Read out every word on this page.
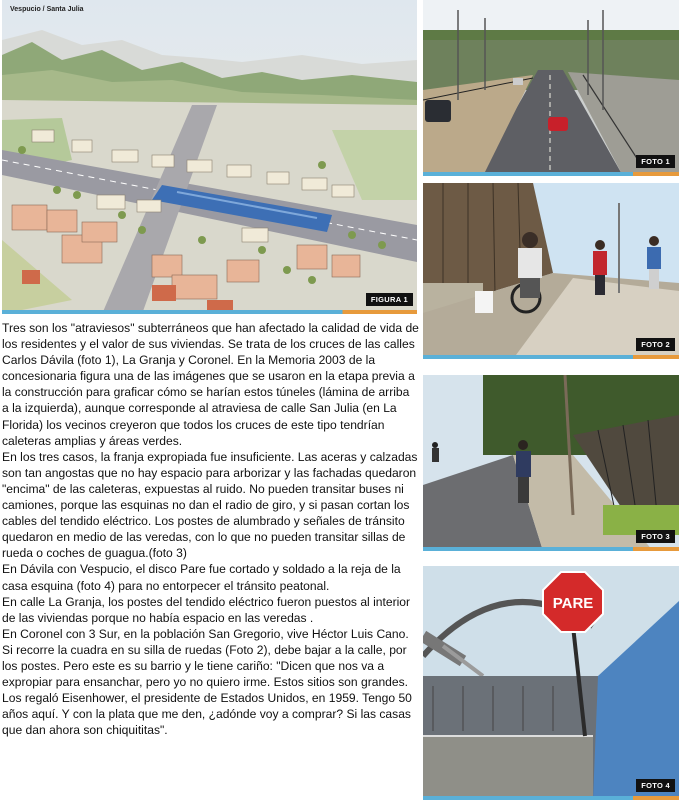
Vespucio / Santa Julia
FIGURA 1
FOTO 1
FOTO 2
FOTO 3
PARE
FOTO 4

Tres son los "atraviesos" subterráneos que han afectado la calidad de vida de los residentes y el valor de sus viviendas. Se trata de los cruces de las calles Carlos Dávila (foto 1), La Granja y Coronel. En la Memoria 2003 de la concesionaria figura una de las imágenes que se usaron en la etapa previa a la construcción para graficar cómo se harían estos túneles (lámina de arriba a la izquierda), aunque corresponde al atraviesa de calle San Julia (en La Florida) los vecinos creyeron que todos los cruces de este tipo tendrían caleteras amplias y áreas verdes.

En los tres casos, la franja expropiada fue insuficiente. Las aceras y calzadas son tan angostas que no hay espacio para arborizar y las fachadas quedaron "encima" de las caleteras, expuestas al ruido. No pueden transitar buses ni camiones, porque las esquinas no dan el radio de giro, y si pasan cortan los cables del tendido eléctrico. Los postes de alumbrado y señales de tránsito quedaron en medio de las veredas, con lo que no pueden transitar sillas de rueda o coches de guagua.(foto 3)

En Dávila con Vespucio, el disco Pare fue cortado y soldado a la reja de la casa esquina (foto 4) para no entorpecer el tránsito peatonal.

En calle La Granja, los postes del tendido eléctrico fueron puestos al interior de las viviendas porque no había espacio en las veredas .

En Coronel con 3 Sur, en la población San Gregorio, vive Héctor Luis Cano. Si recorre la cuadra en su silla de ruedas (Foto 2), debe bajar a la calle, por los postes. Pero este es su barrio y le tiene cariño: "Dicen que nos va a expropiar para ensanchar, pero yo no quiero irme. Estos sitios son grandes. Los regaló Eisenhower, el presidente de Estados Unidos, en 1959. Tengo 50 años aquí. Y con la plata que me den, ¿adónde voy a comprar? Si las casas que dan ahora son chiquititas".
